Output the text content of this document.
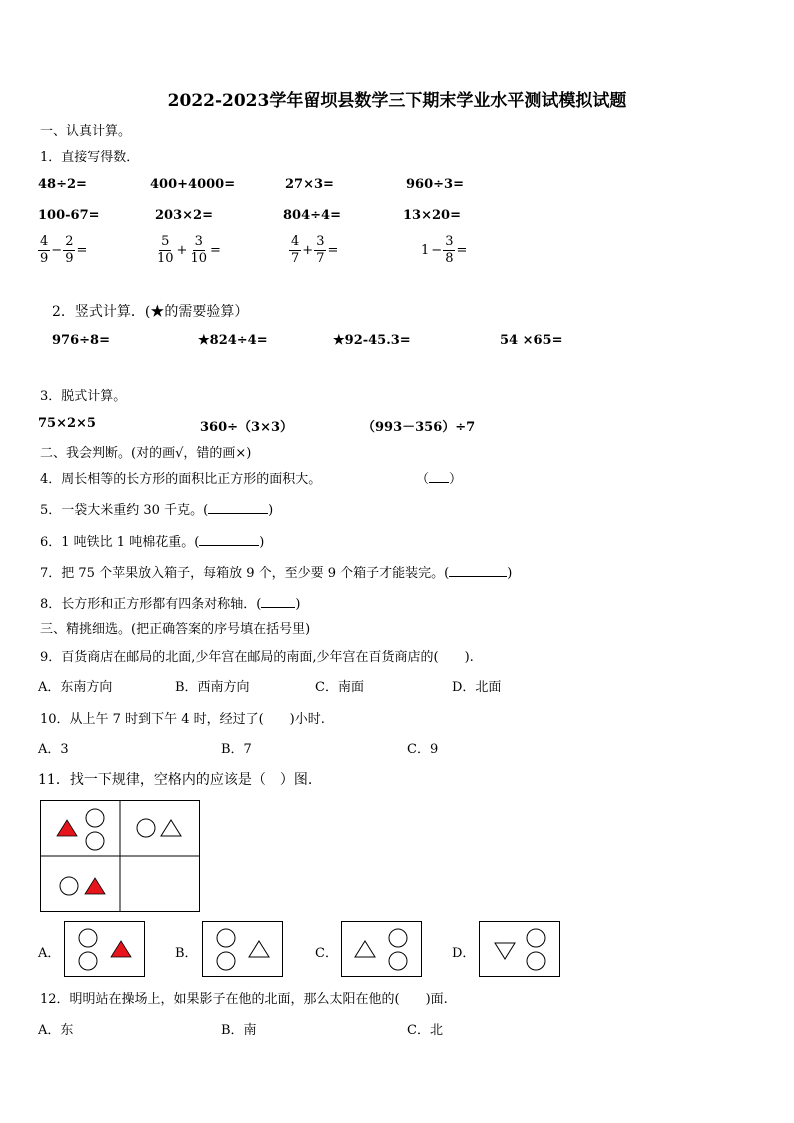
2022-2023学年留坝县数学三下期末学业水平测试模拟试题
一、认真计算。
1．直接写得数．
48÷2=	400+4000=	27×3=	960÷3=
100-67=	203×2=	804÷4=	13×20=
$\frac{4}{9} - \frac{2}{9}$ =	$\frac{5}{10} + \frac{3}{10}$ =	$\frac{4}{7} + \frac{3}{7}$ =	$1 - \frac{3}{8}$ =
2．竖式计算．(★的需要验算）
976÷8=	★824÷4=	★92-45.3=	54 ×65=
3．脱式计算。
75×2×5	360÷（3×3）	（993－356）÷7
二、我会判断。(对的画√，错的画×)
4．周长相等的长方形的面积比正方形的面积大。	（ ）
5．一袋大米重约 30 千克。(	)
6．1 吨铁比 1 吨棉花重。(	)
7．把 75 个苹果放入箱子，每箱放 9 个，至少要 9 个箱子才能装完。(	)
8．长方形和正方形都有四条对称轴．(	)
三、精挑细选。(把正确答案的序号填在括号里)
9．百货商店在邮局的北面,少年宫在邮局的南面,少年宫在百货商店的(　　).
A．东南方向	B．西南方向	C．南面	D．北面
10．从上午 7 时到下午 4 时，经过了(　　)小时.
A．3	B．7	C．9
11．找一下规律，空格内的应该是（　）图.
A．	B．	C．	D．
12．明明站在操场上，如果影子在他的北面，那么太阳在他的(　　)面.
A．东	B．南	C．北
